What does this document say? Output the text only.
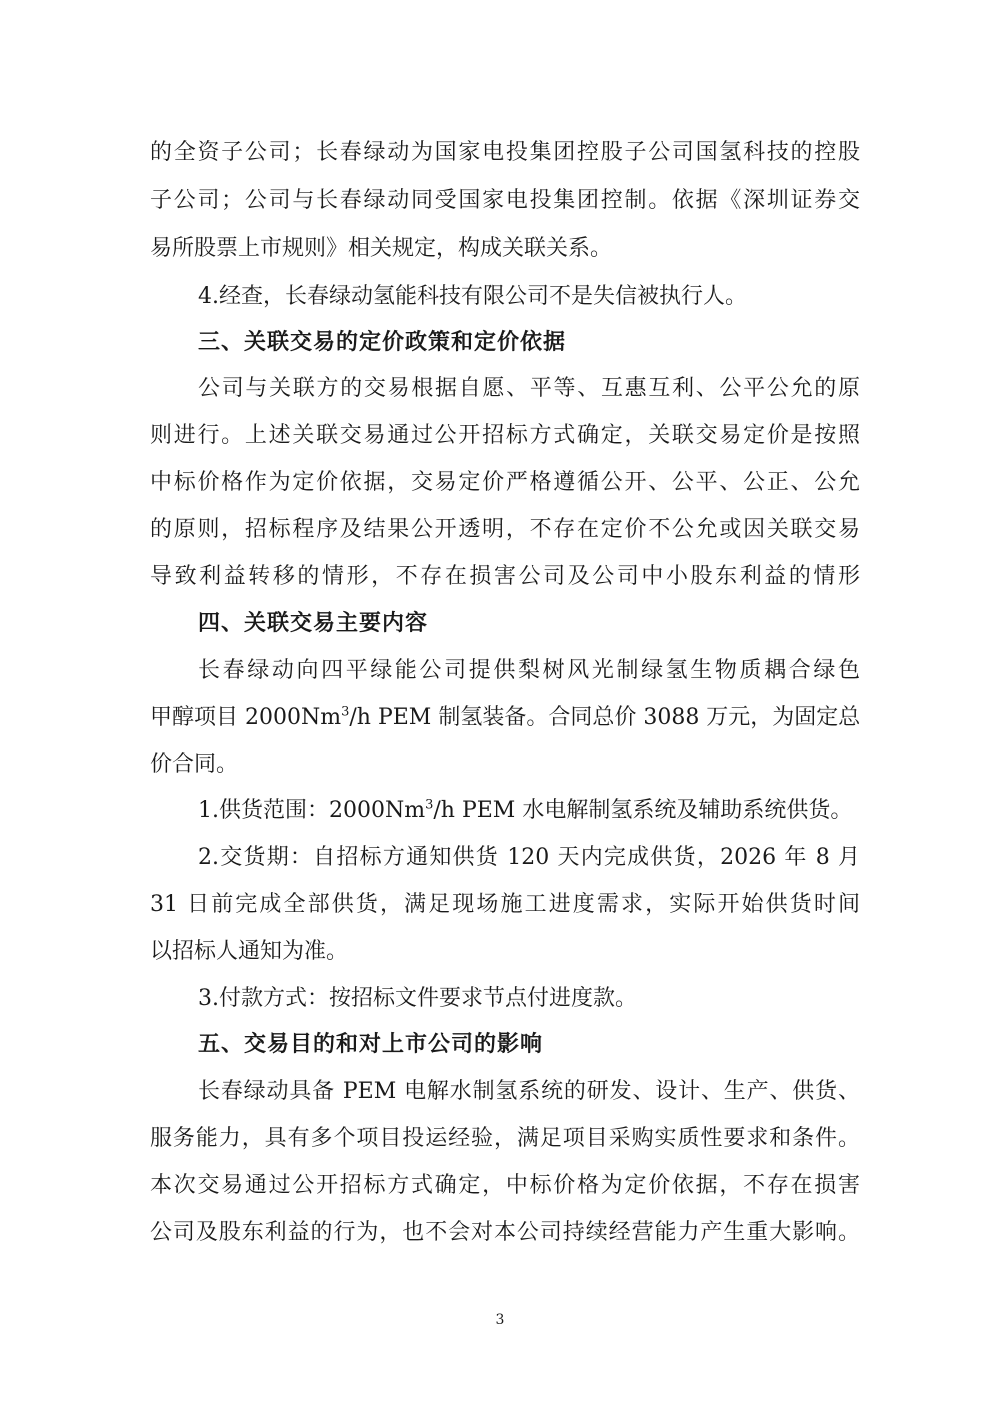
的全资子公司；长春绿动为国家电投集团控股子公司国氢科技的控股
子公司；公司与长春绿动同受国家电投集团控制。依据《深圳证券交
易所股票上市规则》相关规定，构成关联关系。
4.经查，长春绿动氢能科技有限公司不是失信被执行人。
三、关联交易的定价政策和定价依据
公司与关联方的交易根据自愿、平等、互惠互利、公平公允的原
则进行。上述关联交易通过公开招标方式确定，关联交易定价是按照
中标价格作为定价依据，交易定价严格遵循公开、公平、公正、公允
的原则，招标程序及结果公开透明，不存在定价不公允或因关联交易
导致利益转移的情形，不存在损害公司及公司中小股东利益的情形
四、关联交易主要内容
长春绿动向四平绿能公司提供梨树风光制绿氢生物质耦合绿色
甲醇项目 2000Nm$^3$/h PEM 制氢装备。合同总价 3088 万元，为固定总
价合同。
1.供货范围：2000Nm$^3$/h PEM 水电解制氢系统及辅助系统供货。
2.交货期：自招标方通知供货 120 天内完成供货，2026 年 8 月
31 日前完成全部供货，满足现场施工进度需求，实际开始供货时间
以招标人通知为准。
3.付款方式：按招标文件要求节点付进度款。
五、交易目的和对上市公司的影响
长春绿动具备 PEM 电解水制氢系统的研发、设计、生产、供货、
服务能力，具有多个项目投运经验，满足项目采购实质性要求和条件。
本次交易通过公开招标方式确定，中标价格为定价依据，不存在损害
公司及股东利益的行为，也不会对本公司持续经营能力产生重大影响。
3
